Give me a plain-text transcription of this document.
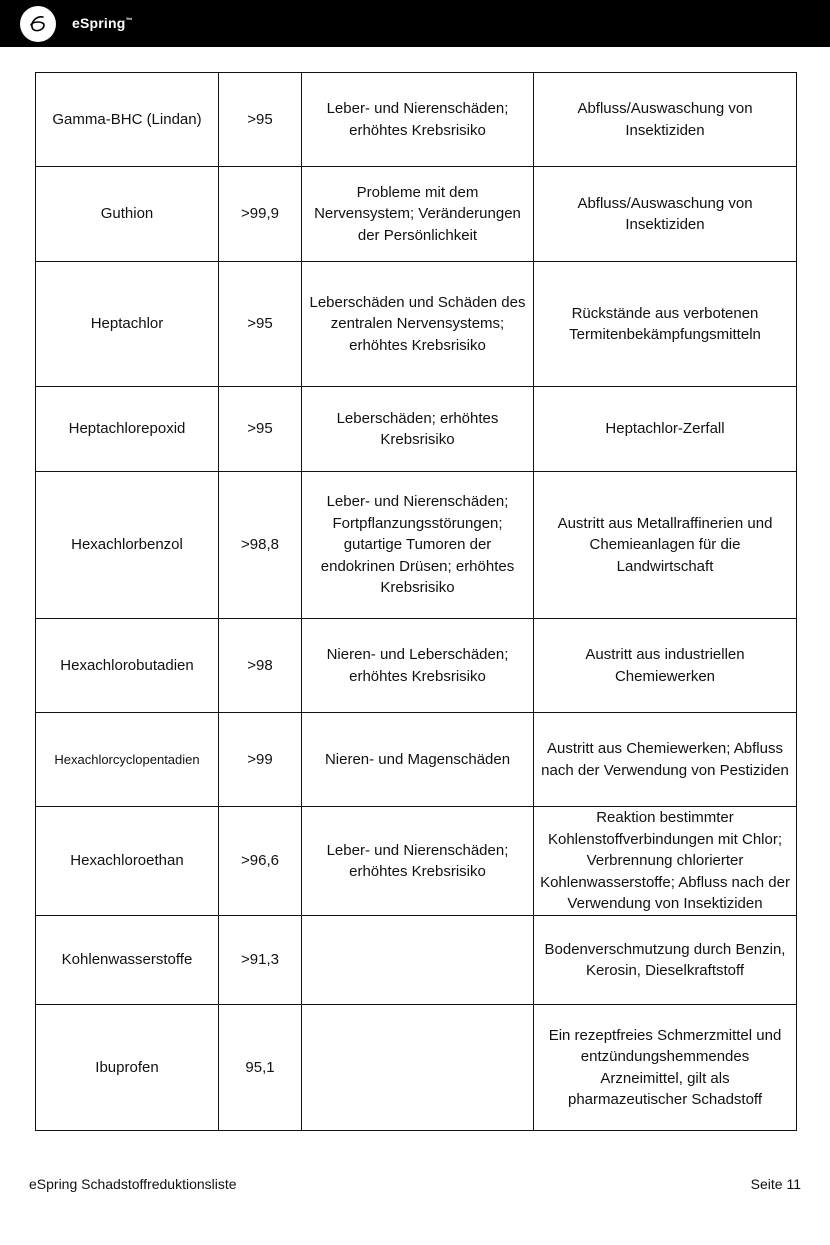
eSpring™
Gamma-BHC (Lindan)	>95	Leber- und Nierenschäden; erhöhtes Krebsrisiko	Abfluss/Auswaschung von Insektiziden
Guthion	>99,9	Probleme mit dem Nervensystem; Veränderungen der Persönlichkeit	Abfluss/Auswaschung von Insektiziden
Heptachlor	>95	Leberschäden und Schäden des zentralen Nervensystems; erhöhtes Krebsrisiko	Rückstände aus verbotenen Termitenbekämpfungsmitteln
Heptachlorepoxid	>95	Leberschäden; erhöhtes Krebsrisiko	Heptachlor-Zerfall
Hexachlorbenzol	>98,8	Leber- und Nierenschäden; Fortpflanzungsstörungen; gutartige Tumoren der endokrinen Drüsen; erhöhtes Krebsrisiko	Austritt aus Metallraffinerien und Chemieanlagen für die Landwirtschaft
Hexachlorobutadien	>98	Nieren- und Leberschäden; erhöhtes Krebsrisiko	Austritt aus industriellen Chemiewerken
Hexachlorcyclopentadien	>99	Nieren- und Magenschäden	Austritt aus Chemiewerken; Abfluss nach der Verwendung von Pestiziden
Hexachloroethan	>96,6	Leber- und Nierenschäden; erhöhtes Krebsrisiko	Reaktion bestimmter Kohlenstoffverbindungen mit Chlor; Verbrennung chlorierter Kohlenwasserstoffe; Abfluss nach der Verwendung von Insektiziden
Kohlenwasserstoffe	>91,3		Bodenverschmutzung durch Benzin, Kerosin, Dieselkraftstoff
Ibuprofen	95,1		Ein rezeptfreies Schmerzmittel und entzündungshemmendes Arzneimittel, gilt als pharmazeutischer Schadstoff
eSpring Schadstoffreduktionsliste	Seite 11
